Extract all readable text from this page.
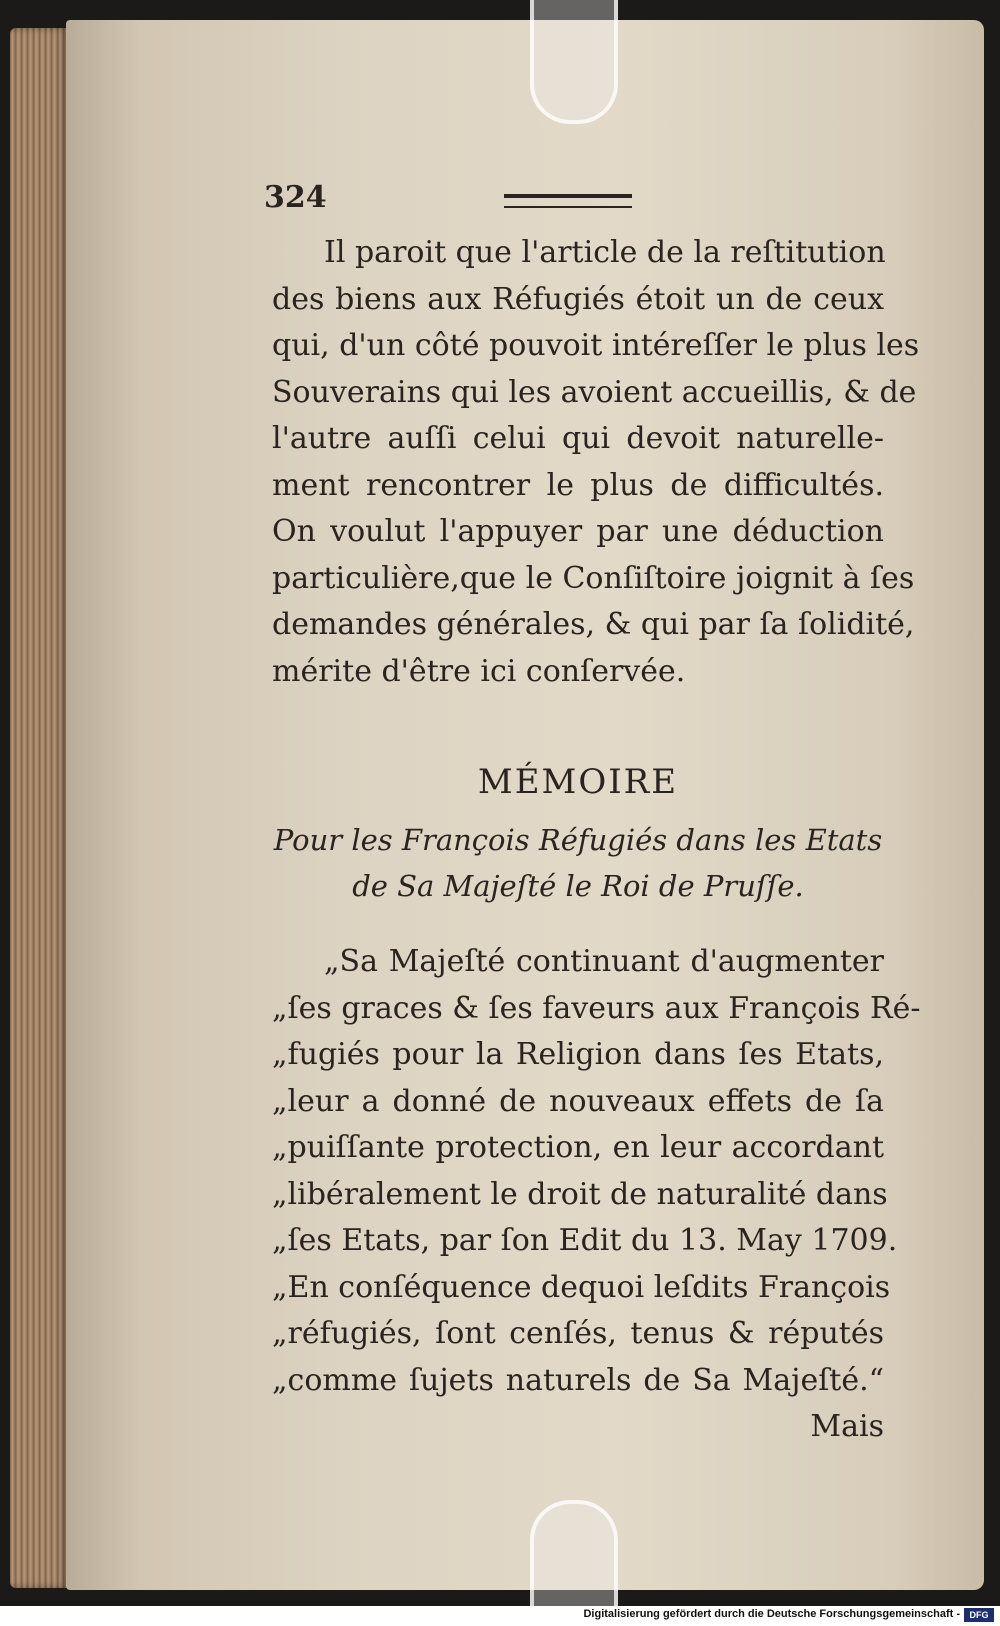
324

Il paroit que l'article de la reſtitution
des biens aux Réfugiés étoit un de ceux
qui, d'un côté pouvoit intéreſſer le plus les
Souverains qui les avoient accueillis, & de
l'autre auſſi celui qui devoit naturelle-
ment rencontrer le plus de difficultés.
On voulut l'appuyer par une déduction
particulière,que le Conſiſtoire joignit à ſes
demandes générales, & qui par ſa ſolidité,
mérite d'être ici conſervée.

MÉMOIRE
Pour les François Réfugiés dans les Etats
de Sa Majeſté le Roi de Pruſſe.

„Sa Majeſté continuant d'augmenter
„ſes graces & ſes faveurs aux François Ré-
„fugiés pour la Religion dans ſes Etats,
„leur a donné de nouveaux effets de ſa
„puiſſante protection, en leur accordant
„libéralement le droit de naturalité dans
„ſes Etats, par ſon Edit du 13. May 1709.
„En conſéquence dequoi leſdits François
„réfugiés, ſont cenſés, tenus & réputés
„comme ſujets naturels de Sa Majeſté.“

Mais
Digitalisierung gefördert durch die Deutsche Forschungsgemeinschaft -	DFG
